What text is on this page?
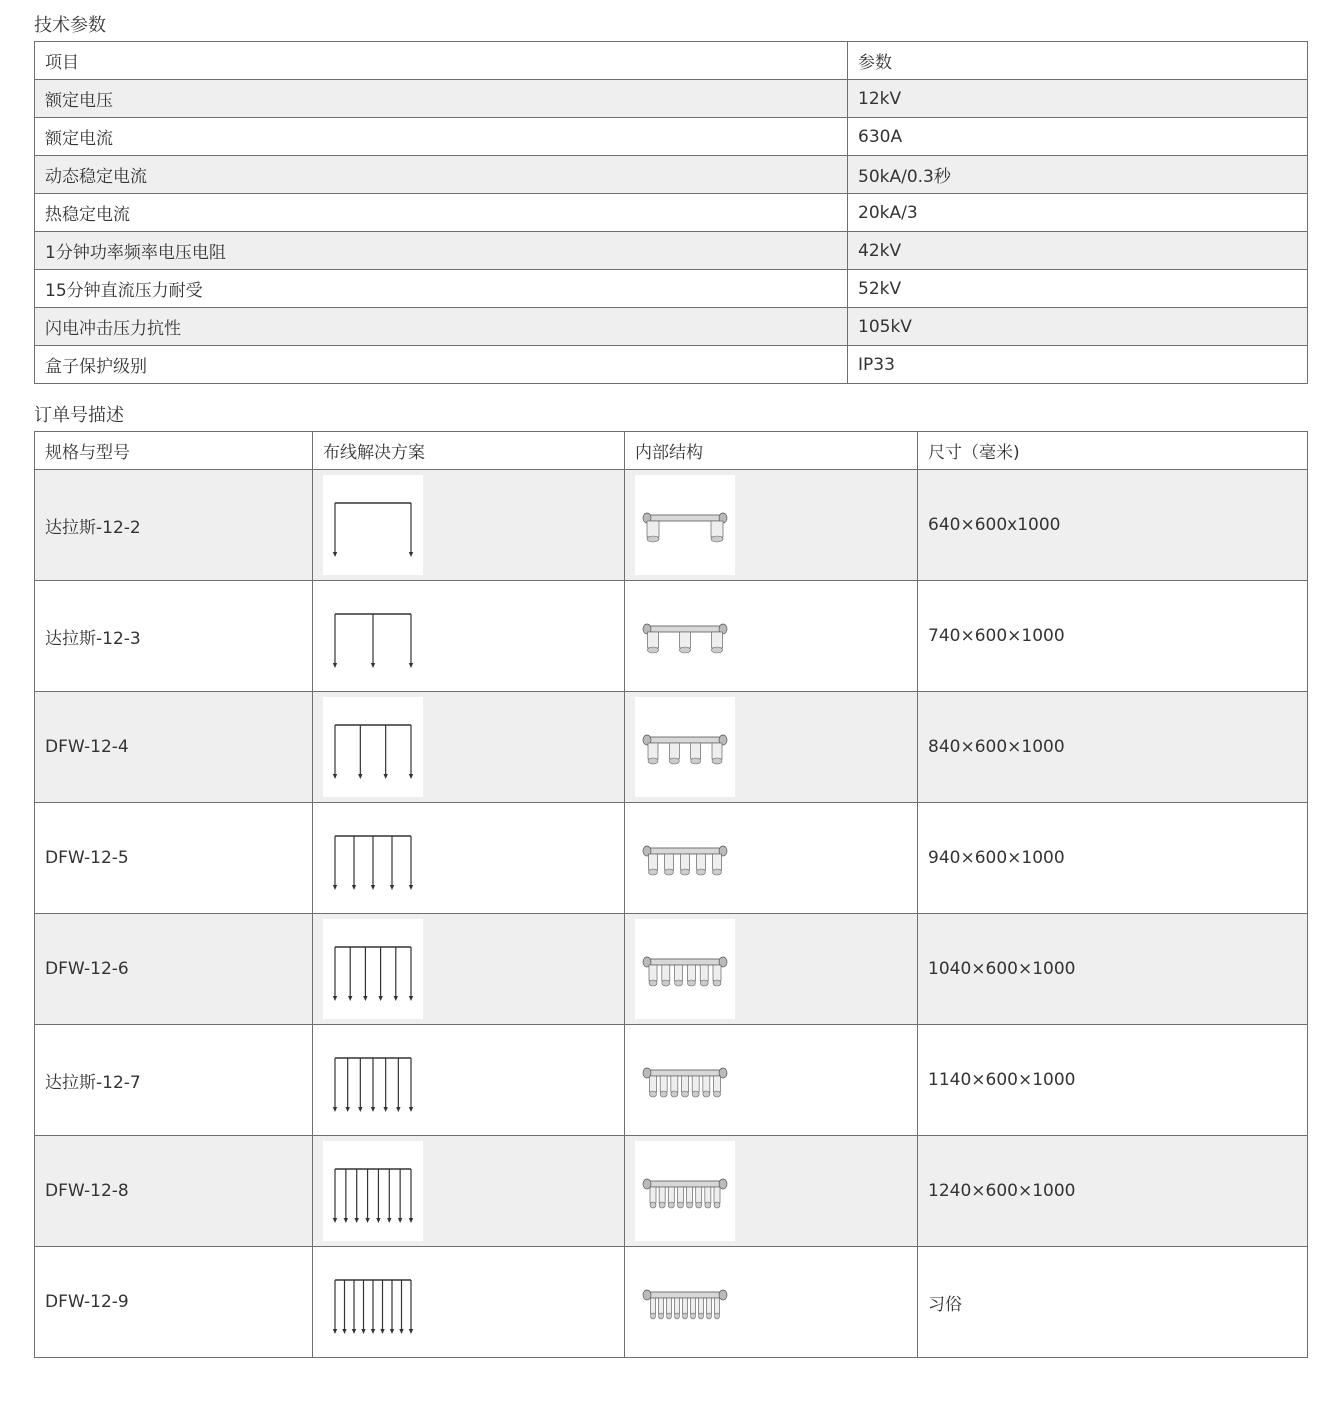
技术参数
项目	参数
额定电压	12kV
额定电流	630A
动态稳定电流	50kA/0.3秒
热稳定电流	20kA/3
1分钟功率频率电压电阻	42kV
15分钟直流压力耐受	52kV
闪电冲击压力抗性	105kV
盒子保护级别	IP33
订单号描述
规格与型号	布线解决方案	内部结构	尺寸（毫米)
达拉斯-12-2			640×600x1000
达拉斯-12-3			740×600×1000
DFW-12-4			840×600×1000
DFW-12-5			940×600×1000
DFW-12-6			1040×600×1000
达拉斯-12-7			1140×600×1000
DFW-12-8			1240×600×1000
DFW-12-9			习俗
